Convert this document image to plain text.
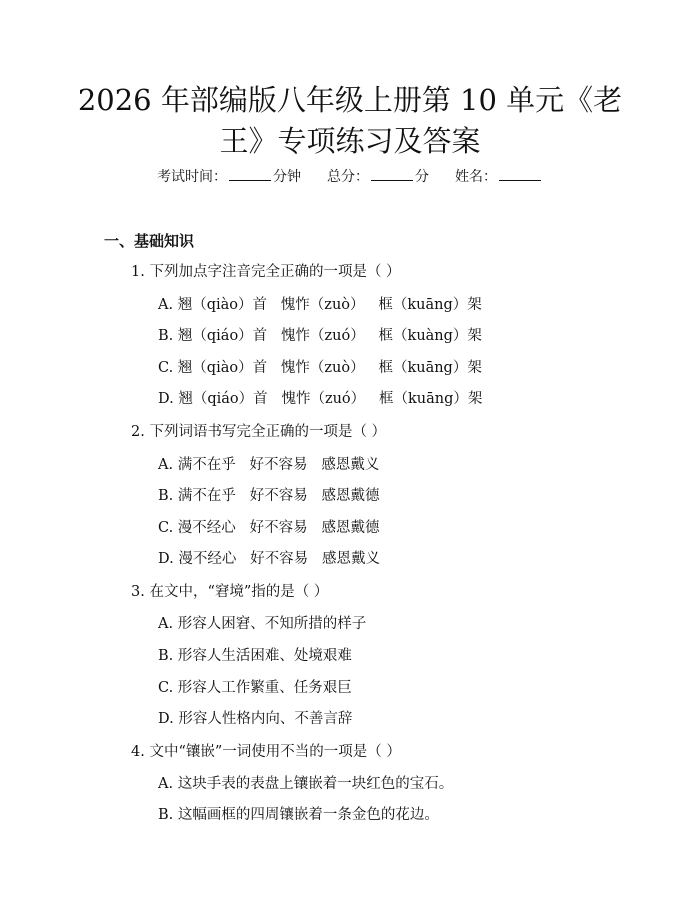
2026 年部编版八年级上册第 10 单元《老
王》专项练习及答案
考试时间：	分钟 总分：	分 姓名：
一、基础知识
1. 下列加点字注音完全正确的一项是（ ）
A. 翘（qiào）首   愧怍（zuò）   框（kuāng）架
B. 翘（qiáo）首   愧怍（zuó）   框（kuàng）架
C. 翘（qiào）首   愧怍（zuò）   框（kuāng）架
D. 翘（qiáo）首   愧怍（zuó）   框（kuāng）架
2. 下列词语书写完全正确的一项是（ ）
A. 满不在乎   好不容易   感恩戴义
B. 满不在乎   好不容易   感恩戴德
C. 漫不经心   好不容易   感恩戴德
D. 漫不经心   好不容易   感恩戴义
3. 在文中，“窘境”指的是（ ）
A. 形容人困窘、不知所措的样子
B. 形容人生活困难、处境艰难
C. 形容人工作繁重、任务艰巨
D. 形容人性格内向、不善言辞
4. 文中“镶嵌”一词使用不当的一项是（ ）
A. 这块手表的表盘上镶嵌着一块红色的宝石。
B. 这幅画框的四周镶嵌着一条金色的花边。
